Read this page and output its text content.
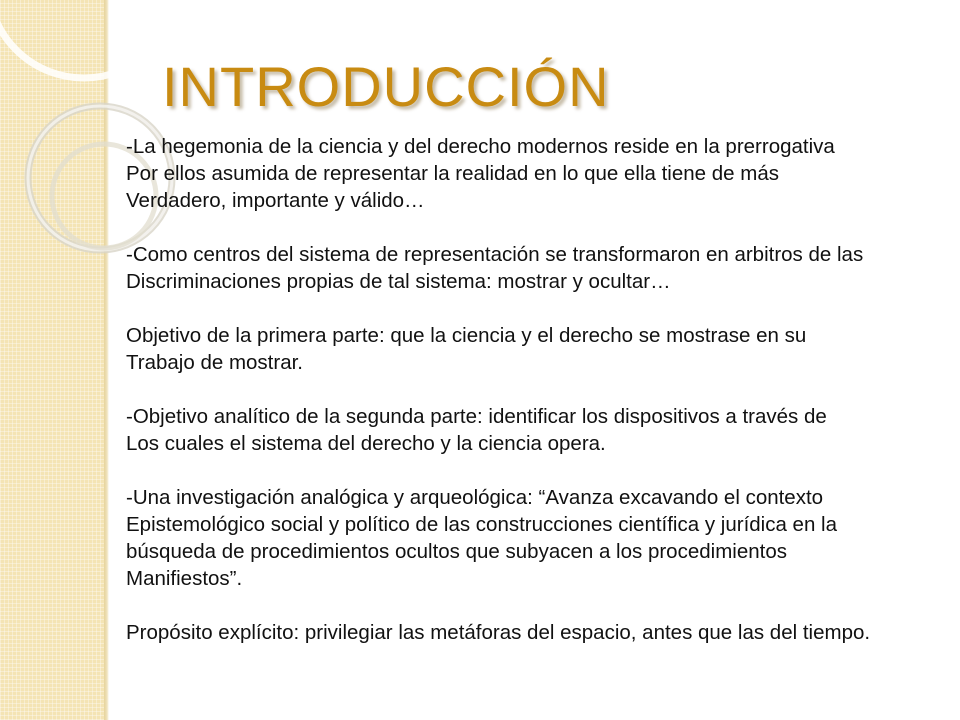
INTRODUCCIÓN

-La hegemonia de la ciencia y del derecho modernos reside en la prerrogativa
Por ellos asumida de representar la realidad en lo que ella tiene de más
Verdadero, importante y válido…

-Como centros del sistema de representación se transformaron en arbitros de las
Discriminaciones propias de tal sistema: mostrar y ocultar…

Objetivo de la primera parte: que la ciencia y el derecho se mostrase en su
Trabajo de mostrar.

-Objetivo analítico de la segunda parte: identificar los dispositivos a través de
Los cuales el sistema del derecho y la ciencia opera.

-Una investigación analógica y arqueológica: “Avanza excavando el contexto
Epistemológico social y político de las construcciones científica y jurídica en la
búsqueda de procedimientos ocultos que subyacen a los procedimientos
Manifiestos”.

Propósito explícito: privilegiar las metáforas del espacio, antes que las del tiempo.
